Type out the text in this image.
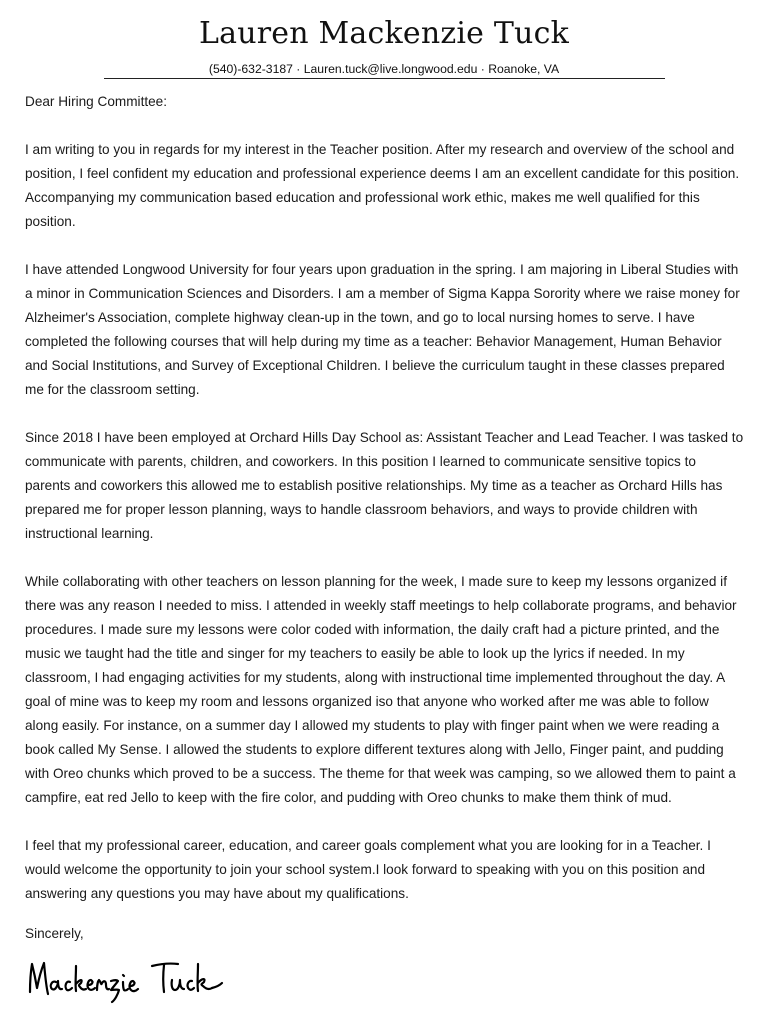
Lauren Mackenzie Tuck
(540)-632-3187 · Lauren.tuck@live.longwood.edu · Roanoke, VA

Dear Hiring Committee:

I am writing to you in regards for my interest in the Teacher position. After my research and overview of the school and position, I feel confident my education and professional experience deems I am an excellent candidate for this position. Accompanying my communication based education and professional work ethic, makes me well qualified for this position.

I have attended Longwood University for four years upon graduation in the spring. I am majoring in Liberal Studies with a minor in Communication Sciences and Disorders. I am a member of Sigma Kappa Sorority where we raise money for Alzheimer's Association, complete highway clean-up in the town, and go to local nursing homes to serve. I have completed the following courses that will help during my time as a teacher: Behavior Management, Human Behavior and Social Institutions, and Survey of Exceptional Children. I believe the curriculum taught in these classes prepared me for the classroom setting.

Since 2018 I have been employed at Orchard Hills Day School as: Assistant Teacher and Lead Teacher. I was tasked to communicate with parents, children, and coworkers. In this position I learned to communicate sensitive topics to parents and coworkers this allowed me to establish positive relationships. My time as a teacher as Orchard Hills has prepared me for proper lesson planning, ways to handle classroom behaviors, and ways to provide children with instructional learning.

While collaborating with other teachers on lesson planning for the week, I made sure to keep my lessons organized if there was any reason I needed to miss. I attended in weekly staff meetings to help collaborate programs, and behavior procedures. I made sure my lessons were color coded with information, the daily craft had a picture printed, and the music we taught had the title and singer for my teachers to easily be able to look up the lyrics if needed. In my classroom, I had engaging activities for my students, along with instructional time implemented throughout the day. A goal of mine was to keep my room and lessons organized iso that anyone who worked after me was able to follow along easily. For instance, on a summer day I allowed my students to play with finger paint when we were reading a book called My Sense. I allowed the students to explore different textures along with Jello, Finger paint, and pudding with Oreo chunks which proved to be a success. The theme for that week was camping, so we allowed them to paint a campfire, eat red Jello to keep with the fire color, and pudding with Oreo chunks to make them think of mud.

I feel that my professional career, education, and career goals complement what you are looking for in a Teacher. I would welcome the opportunity to join your school system.I look forward to speaking with you on this position and answering any questions you may have about my qualifications.

Sincerely,
